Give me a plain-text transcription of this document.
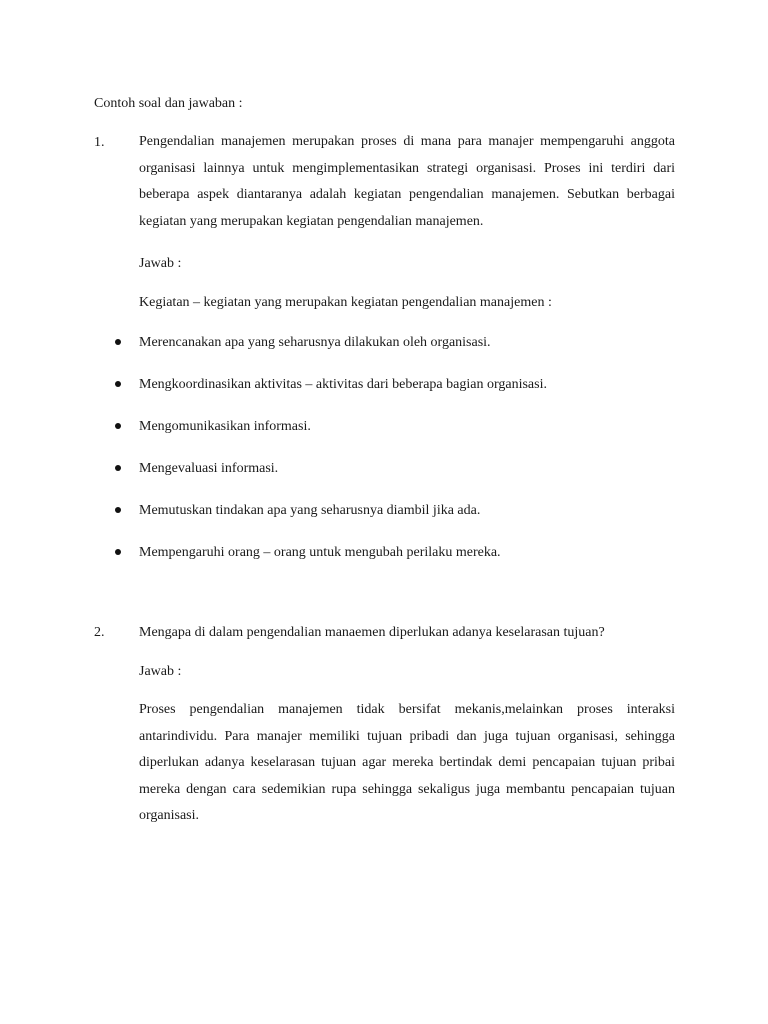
Contoh soal dan jawaban :
1. Pengendalian manajemen merupakan proses di mana para manajer mempengaruhi anggota organisasi lainnya untuk mengimplementasikan strategi organisasi. Proses ini terdiri dari beberapa aspek diantaranya adalah kegiatan pengendalian manajemen. Sebutkan berbagai kegiatan yang merupakan kegiatan pengendalian manajemen.
Jawab :
Kegiatan – kegiatan yang merupakan kegiatan pengendalian manajemen :
Merencanakan apa yang seharusnya dilakukan oleh organisasi.
Mengkoordinasikan aktivitas – aktivitas dari beberapa bagian organisasi.
Mengomunikasikan informasi.
Mengevaluasi informasi.
Memutuskan tindakan apa yang seharusnya diambil jika ada.
Mempengaruhi orang – orang untuk mengubah perilaku mereka.
2. Mengapa di dalam pengendalian manaemen diperlukan adanya keselarasan tujuan?
Jawab :
Proses pengendalian manajemen tidak bersifat mekanis,melainkan proses interaksi antarindividu. Para manajer memiliki tujuan pribadi dan juga tujuan organisasi, sehingga diperlukan adanya keselarasan tujuan agar mereka bertindak demi pencapaian tujuan pribai mereka dengan cara sedemikian rupa sehingga sekaligus juga membantu pencapaian tujuan organisasi.
